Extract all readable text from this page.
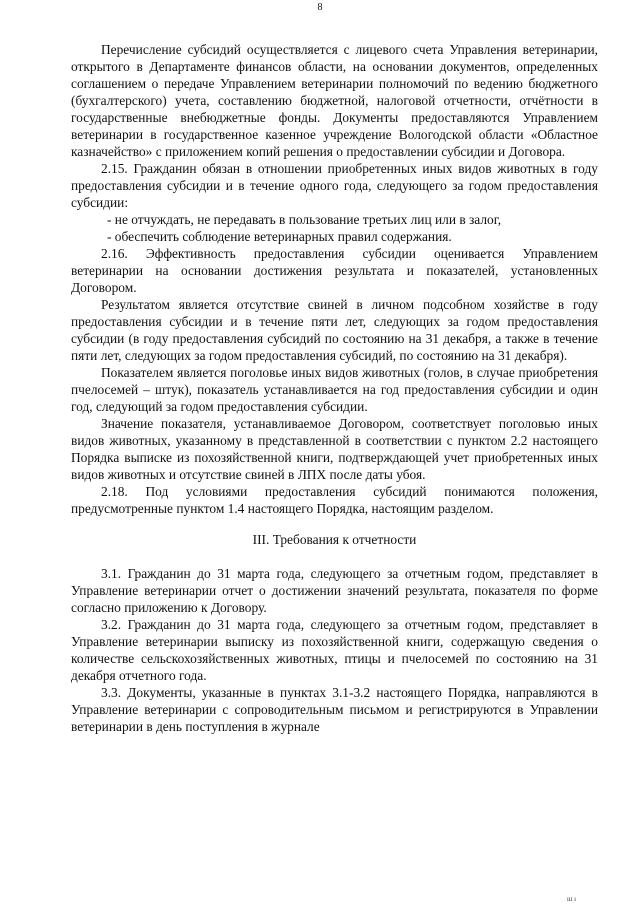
8

Перечисление субсидий осуществляется с лицевого счета Управления ветеринарии, открытого в Департаменте финансов области, на основании документов, определенных соглашением о передаче Управлением ветеринарии полномочий по ведению бюджетного (бухгалтерского) учета, составлению бюджетной, налоговой отчетности, отчётности в государственные внебюджетные фонды. Документы предоставляются Управлением ветеринарии в государственное казенное учреждение Вологодской области «Областное казначейство» с приложением копий решения о предоставлении субсидии и Договора.

2.15. Гражданин обязан в отношении приобретенных иных видов животных в году предоставления субсидии и в течение одного года, следующего за годом предоставления субсидии:

- не отчуждать, не передавать в пользование третьих лиц или в залог,

- обеспечить соблюдение ветеринарных правил содержания.

2.16. Эффективность предоставления субсидии оценивается Управлением ветеринарии на основании достижения результата и показателей, установленных Договором.

Результатом является отсутствие свиней в личном подсобном хозяйстве в году предоставления субсидии и в течение пяти лет, следующих за годом предоставления субсидии (в году предоставления субсидий по состоянию на 31 декабря, а также в течение пяти лет, следующих за годом предоставления субсидий, по состоянию на 31 декабря).

Показателем является поголовье иных видов животных (голов, в случае приобретения пчелосемей – штук), показатель устанавливается на год предоставления субсидии и один год, следующий за годом предоставления субсидии.

Значение показателя, устанавливаемое Договором, соответствует поголовью иных видов животных, указанному в представленной в соответствии с пунктом 2.2 настоящего Порядка выписке из похозяйственной книги, подтверждающей учет приобретенных иных видов животных и отсутствие свиней в ЛПХ после даты убоя.

2.18. Под условиями предоставления субсидий понимаются положения, предусмотренные пунктом 1.4 настоящего Порядка, настоящим разделом.

III. Требования к отчетности

3.1. Гражданин до 31 марта года, следующего за отчетным годом, представляет в Управление ветеринарии отчет о достижении значений результата, показателя по форме согласно приложению к Договору.

3.2. Гражданин до 31 марта года, следующего за отчетным годом, представляет в Управление ветеринарии выписку из похозяйственной книги, содержащую сведения о количестве сельскохозяйственных животных, птицы и пчелосемей по состоянию на 31 декабря отчетного года.

3.3. Документы, указанные в пунктах 3.1-3.2 настоящего Порядка, направляются в Управление ветеринарии с сопроводительным письмом и регистрируются в Управлении ветеринарии в день поступления в журнале

ш ı
